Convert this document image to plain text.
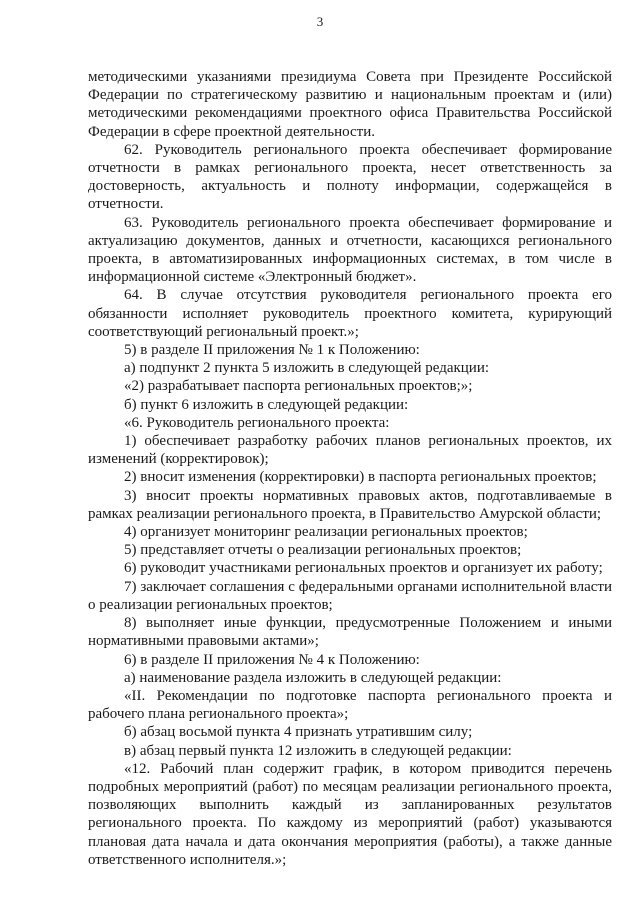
3

методическими указаниями президиума Совета при Президенте Российской Федерации по стратегическому развитию и национальным проектам и (или) методическими рекомендациями проектного офиса Правительства Российской Федерации в сфере проектной деятельности.

62. Руководитель регионального проекта обеспечивает формирование отчетности в рамках регионального проекта, несет ответственность за достоверность, актуальность и полноту информации, содержащейся в отчетности.

63. Руководитель регионального проекта обеспечивает формирование и актуализацию документов, данных и отчетности, касающихся регионального проекта, в автоматизированных информационных системах, в том числе в информационной системе «Электронный бюджет».

64. В случае отсутствия руководителя регионального проекта его обязанности исполняет руководитель проектного комитета, курирующий соответствующий региональный проект.»;

5) в разделе II приложения № 1 к Положению:

а) подпункт 2 пункта 5 изложить в следующей редакции:

«2) разрабатывает паспорта региональных проектов;»;

б) пункт 6 изложить в следующей редакции:

«6. Руководитель регионального проекта:

1) обеспечивает разработку рабочих планов региональных проектов, их изменений (корректировок);

2) вносит изменения (корректировки) в паспорта региональных проектов;

3) вносит проекты нормативных правовых актов, подготавливаемые в рамках реализации регионального проекта, в Правительство Амурской области;

4) организует мониторинг реализации региональных проектов;

5) представляет отчеты о реализации региональных проектов;

6) руководит участниками региональных проектов и организует их работу;

7) заключает соглашения с федеральными органами исполнительной власти о реализации региональных проектов;

8) выполняет иные функции, предусмотренные Положением и иными нормативными правовыми актами»;

6) в разделе II приложения № 4 к Положению:

а) наименование раздела изложить в следующей редакции:

«II. Рекомендации по подготовке паспорта регионального проекта и рабочего плана регионального проекта»;

б) абзац восьмой пункта 4 признать утратившим силу;

в) абзац первый пункта 12 изложить в следующей редакции:

«12. Рабочий план содержит график, в котором приводится перечень подробных мероприятий (работ) по месяцам реализации регионального проекта, позволяющих выполнить каждый из запланированных результатов регионального проекта. По каждому из мероприятий (работ) указываются плановая дата начала и дата окончания мероприятия (работы), а также данные ответственного исполнителя.»;
